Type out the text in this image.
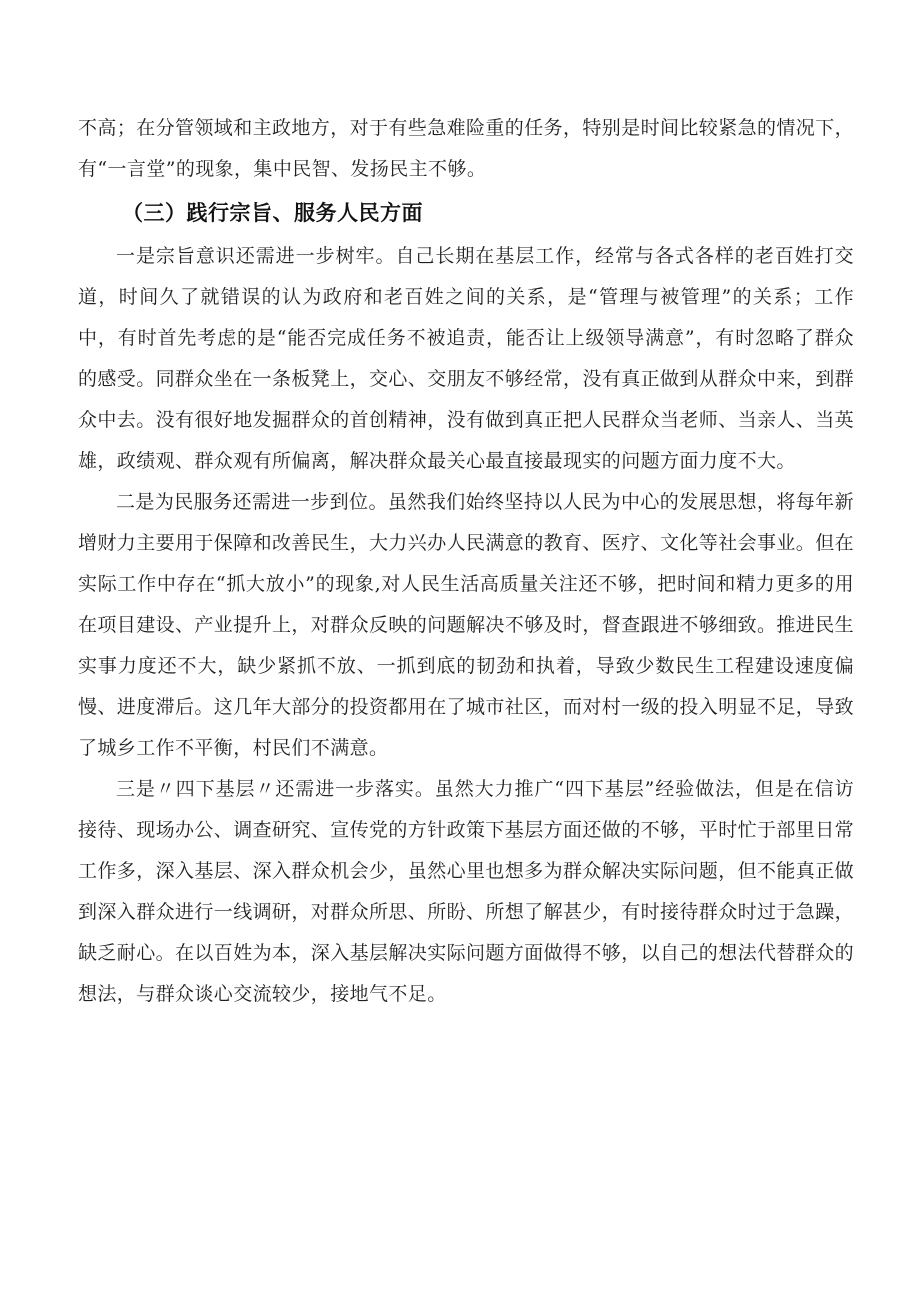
不高；在分管领域和主政地方，对于有些急难险重的任务，特别是时间比较紧急的情况下，有“一言堂”的现象，集中民智、发扬民主不够。

（三）践行宗旨、服务人民方面

一是宗旨意识还需进一步树牢。自己长期在基层工作，经常与各式各样的老百姓打交道，时间久了就错误的认为政府和老百姓之间的关系，是“管理与被管理”的关系；工作中，有时首先考虑的是“能否完成任务不被追责，能否让上级领导满意”，有时忽略了群众的感受。同群众坐在一条板凳上，交心、交朋友不够经常，没有真正做到从群众中来，到群众中去。没有很好地发掘群众的首创精神，没有做到真正把人民群众当老师、当亲人、当英雄，政绩观、群众观有所偏离，解决群众最关心最直接最现实的问题方面力度不大。

二是为民服务还需进一步到位。虽然我们始终坚持以人民为中心的发展思想，将每年新增财力主要用于保障和改善民生，大力兴办人民满意的教育、医疗、文化等社会事业。但在实际工作中存在“抓大放小”的现象,对人民生活高质量关注还不够，把时间和精力更多的用在项目建设、产业提升上，对群众反映的问题解决不够及时，督查跟进不够细致。推进民生实事力度还不大，缺少紧抓不放、一抓到底的韧劲和执着，导致少数民生工程建设速度偏慢、进度滞后。这几年大部分的投资都用在了城市社区，而对村一级的投入明显不足，导致了城乡工作不平衡，村民们不满意。

三是〃四下基层〃还需进一步落实。虽然大力推广“四下基层”经验做法，但是在信访接待、现场办公、调查研究、宣传党的方针政策下基层方面还做的不够，平时忙于部里日常工作多，深入基层、深入群众机会少，虽然心里也想多为群众解决实际问题，但不能真正做到深入群众进行一线调研，对群众所思、所盼、所想了解甚少，有时接待群众时过于急躁，缺乏耐心。在以百姓为本，深入基层解决实际问题方面做得不够，以自己的想法代替群众的想法，与群众谈心交流较少，接地气不足。
